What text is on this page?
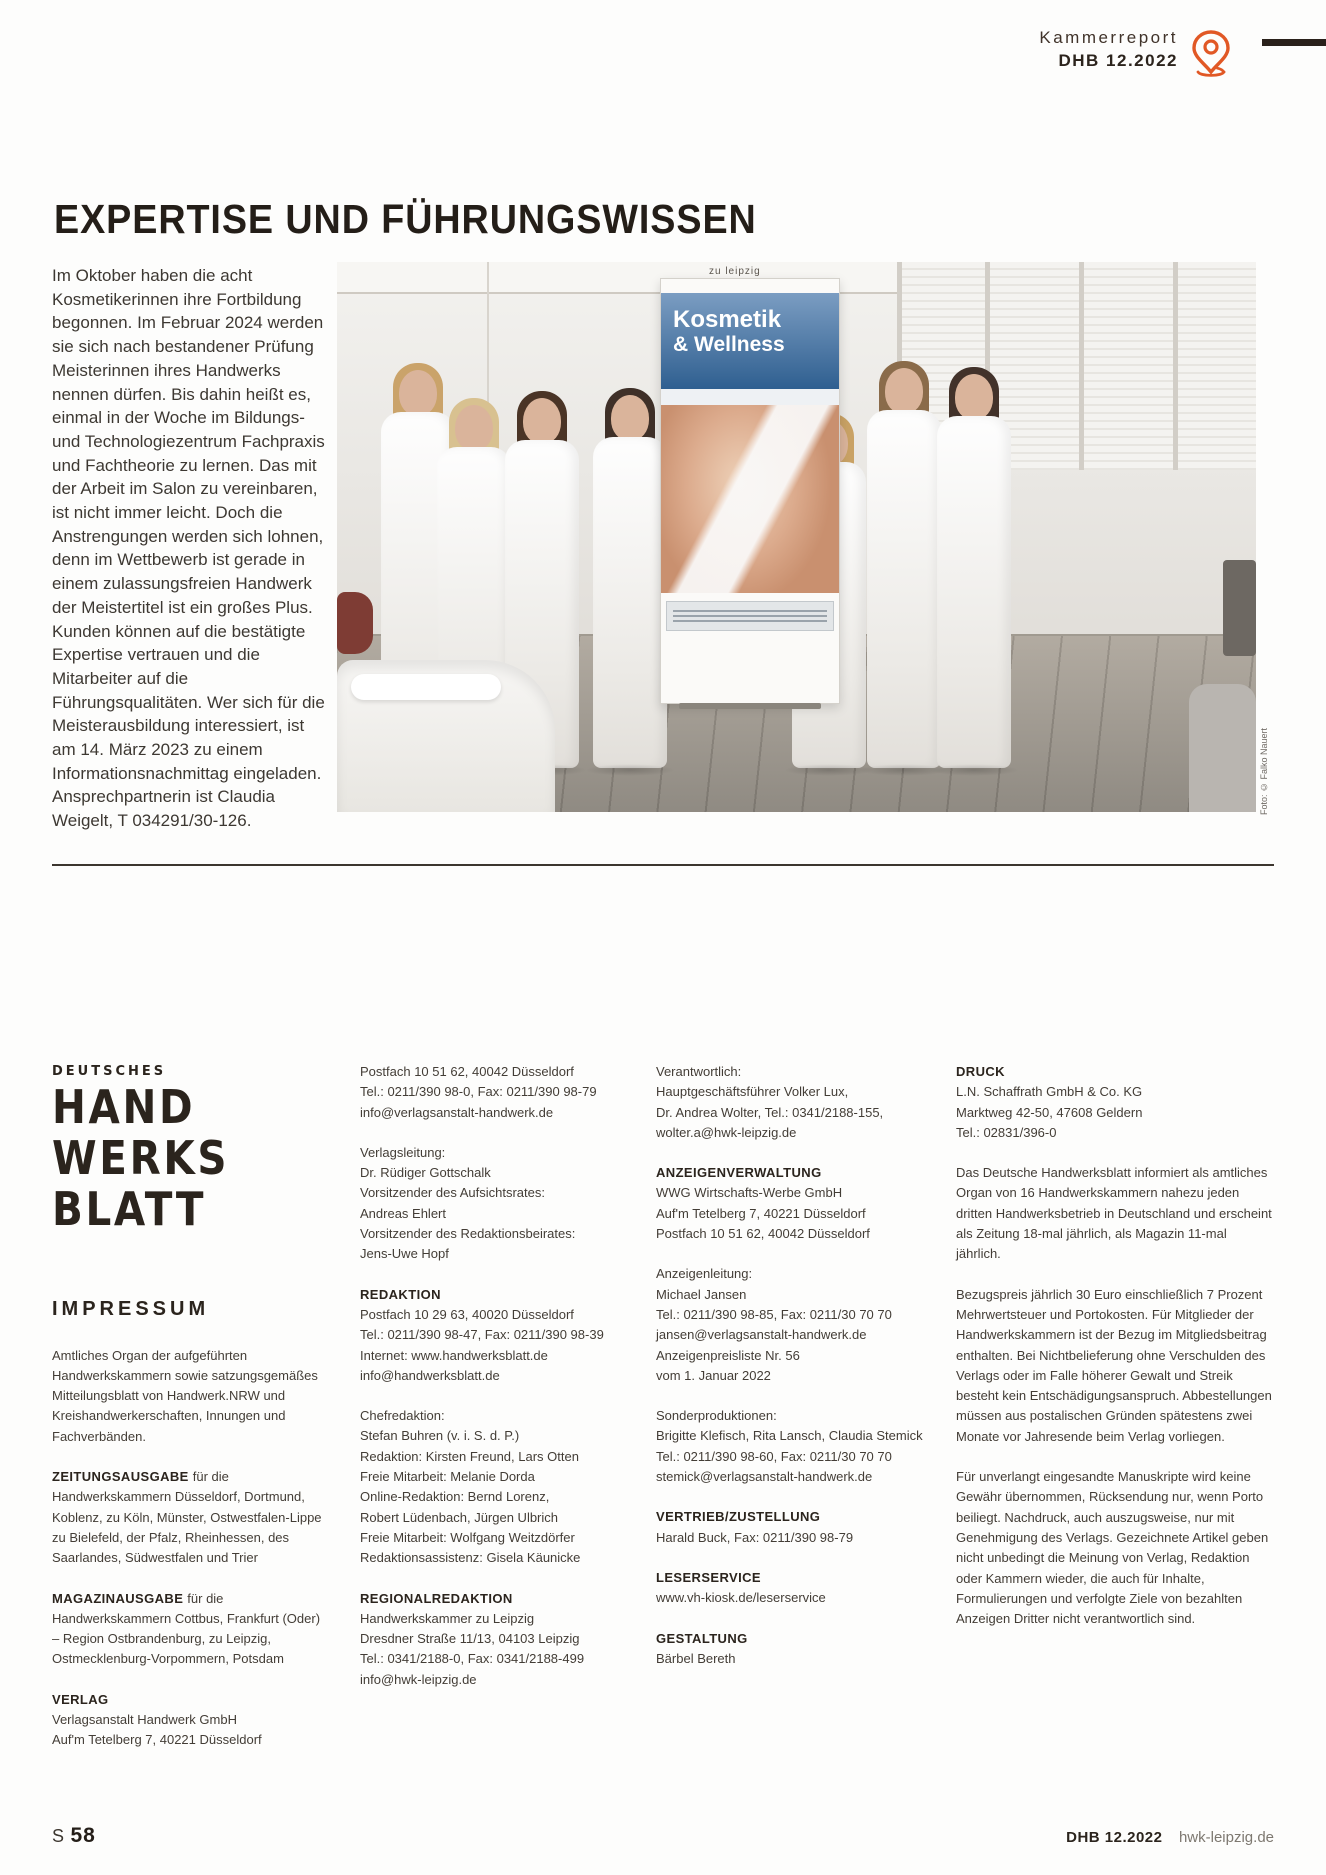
Kammerreport
DHB 12.2022
EXPERTISE UND FÜHRUNGSWISSEN
Im Oktober haben die acht Kosmetikerinnen ihre Fortbildung begonnen. Im Februar 2024 werden sie sich nach bestandener Prüfung Meisterinnen ihres Handwerks nennen dürfen. Bis dahin heißt es, einmal in der Woche im Bildungs- und Technologiezentrum Fachpraxis und Fachtheorie zu lernen. Das mit der Arbeit im Salon zu vereinbaren, ist nicht immer leicht. Doch die Anstrengungen werden sich lohnen, denn im Wettbewerb ist gerade in einem zulassungsfreien Handwerk der Meistertitel ist ein großes Plus. Kunden können auf die bestätigte Expertise vertrauen und die Mitarbeiter auf die Führungsqualitäten. Wer sich für die Meisterausbildung interessiert, ist am 14. März 2023 zu einem Informationsnachmittag eingeladen. Ansprechpartnerin ist Claudia Weigelt, T 034291/30-126.
zu leipzig
Kosmetik
& Wellness
Foto: © Falko Nauert
DEUTSCHES
HAND
WERKS
BLATT
IMPRESSUM

Amtliches Organ der aufgeführten Handwerkskammern sowie satzungsgemäßes Mitteilungsblatt von Handwerk.NRW und Kreishandwerkerschaften, Innungen und Fachverbänden.

ZEITUNGSAUSGABE für die Handwerkskammern Düsseldorf, Dortmund, Koblenz, zu Köln, Münster, Ostwestfalen-Lippe zu Bielefeld, der Pfalz, Rheinhessen, des Saarlandes, Südwestfalen und Trier

MAGAZINAUSGABE für die Handwerkskammern Cottbus, Frankfurt (Oder) – Region Ostbrandenburg, zu Leipzig, Ostmecklenburg-Vorpommern, Potsdam

VERLAG
Verlagsanstalt Handwerk GmbH
Auf'm Tetelberg 7, 40221 Düsseldorf
Postfach 10 51 62, 40042 Düsseldorf
Tel.: 0211/390 98-0, Fax: 0211/390 98-79
info@verlagsanstalt-handwerk.de
Verlagsleitung:
Dr. Rüdiger Gottschalk
Vorsitzender des Aufsichtsrates:
Andreas Ehlert
Vorsitzender des Redaktionsbeirates:
Jens-Uwe Hopf
REDAKTION
Postfach 10 29 63, 40020 Düsseldorf
Tel.: 0211/390 98-47, Fax: 0211/390 98-39
Internet: www.handwerksblatt.de
info@handwerksblatt.de
Chefredaktion:
Stefan Buhren (v. i. S. d. P.)
Redaktion: Kirsten Freund, Lars Otten
Freie Mitarbeit: Melanie Dorda
Online-Redaktion: Bernd Lorenz,
Robert Lüdenbach, Jürgen Ulbrich
Freie Mitarbeit: Wolfgang Weitzdörfer
Redaktionsassistenz: Gisela Käunicke
REGIONALREDAKTION
Handwerkskammer zu Leipzig
Dresdner Straße 11/13, 04103 Leipzig
Tel.: 0341/2188-0, Fax: 0341/2188-499
info@hwk-leipzig.de
Verantwortlich:
Hauptgeschäftsführer Volker Lux,
Dr. Andrea Wolter, Tel.: 0341/2188-155,
wolter.a@hwk-leipzig.de
ANZEIGENVERWALTUNG
WWG Wirtschafts-Werbe GmbH
Auf'm Tetelberg 7, 40221 Düsseldorf
Postfach 10 51 62, 40042 Düsseldorf
Anzeigenleitung:
Michael Jansen
Tel.: 0211/390 98-85, Fax: 0211/30 70 70
jansen@verlagsanstalt-handwerk.de
Anzeigenpreisliste Nr. 56
vom 1. Januar 2022
Sonderproduktionen:
Brigitte Klefisch, Rita Lansch, Claudia Stemick
Tel.: 0211/390 98-60, Fax: 0211/30 70 70
stemick@verlagsanstalt-handwerk.de
VERTRIEB/ZUSTELLUNG
Harald Buck, Fax: 0211/390 98-79
LESERSERVICE
www.vh-kiosk.de/leserservice
GESTALTUNG
Bärbel Bereth
DRUCK
L.N. Schaffrath GmbH & Co. KG
Marktweg 42-50, 47608 Geldern
Tel.: 02831/396-0

Das Deutsche Handwerksblatt informiert als amtliches Organ von 16 Handwerkskammern nahezu jeden dritten Handwerksbetrieb in Deutschland und erscheint als Zeitung 18-mal jährlich, als Magazin 11-mal jährlich.

Bezugspreis jährlich 30 Euro einschließlich 7 Prozent Mehrwertsteuer und Portokosten. Für Mitglieder der Handwerkskammern ist der Bezug im Mitgliedsbeitrag enthalten. Bei Nichtbelieferung ohne Verschulden des Verlags oder im Falle höherer Gewalt und Streik besteht kein Entschädigungsanspruch. Abbestellungen müssen aus postalischen Gründen spätestens zwei Monate vor Jahresende beim Verlag vorliegen.

Für unverlangt eingesandte Manuskripte wird keine Gewähr übernommen, Rücksendung nur, wenn Porto beiliegt. Nachdruck, auch auszugsweise, nur mit Genehmigung des Verlags. Gezeichnete Artikel geben nicht unbedingt die Meinung von Verlag, Redaktion oder Kammern wieder, die auch für Inhalte, Formulierungen und verfolgte Ziele von bezahlten Anzeigen Dritter nicht verantwortlich sind.

S 58	DHB 12.2022 hwk-leipzig.de
